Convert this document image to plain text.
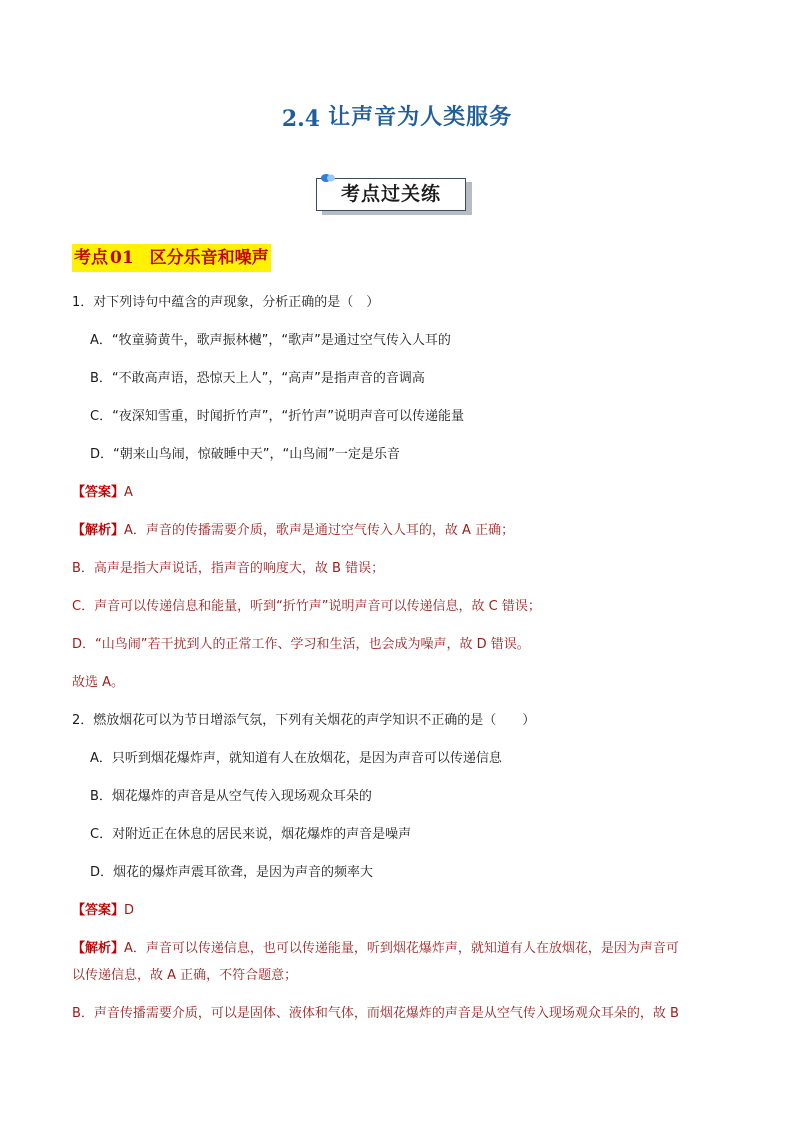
2.4 让声音为人类服务
考点过关练
考点 01 区分乐音和噪声
1．对下列诗句中蕴含的声现象，分析正确的是（　）
A．“牧童骑黄牛，歌声振林樾”，“歌声”是通过空气传入人耳的
B．“不敢高声语，恐惊天上人”，“高声”是指声音的音调高
C．“夜深知雪重，时闻折竹声”，“折竹声”说明声音可以传递能量
D．“朝来山鸟闹，惊破睡中天”，“山鸟闹”一定是乐音
【答案】A
【解析】A．声音的传播需要介质，歌声是通过空气传入人耳的，故 A 正确；
B．高声是指大声说话，指声音的响度大，故 B 错误；
C．声音可以传递信息和能量，听到“折竹声”说明声音可以传递信息，故 C 错误；
D．“山鸟闹”若干扰到人的正常工作、学习和生活，也会成为噪声，故 D 错误。
故选 A。
2．燃放烟花可以为节日增添气氛，下列有关烟花的声学知识不正确的是（　　）
A．只听到烟花爆炸声，就知道有人在放烟花，是因为声音可以传递信息
B．烟花爆炸的声音是从空气传入现场观众耳朵的
C．对附近正在休息的居民来说，烟花爆炸的声音是噪声
D．烟花的爆炸声震耳欲聋，是因为声音的频率大
【答案】D
【解析】A．声音可以传递信息，也可以传递能量，听到烟花爆炸声，就知道有人在放烟花，是因为声音可
以传递信息，故 A 正确，不符合题意；
B．声音传播需要介质，可以是固体、液体和气体，而烟花爆炸的声音是从空气传入现场观众耳朵的，故 B
